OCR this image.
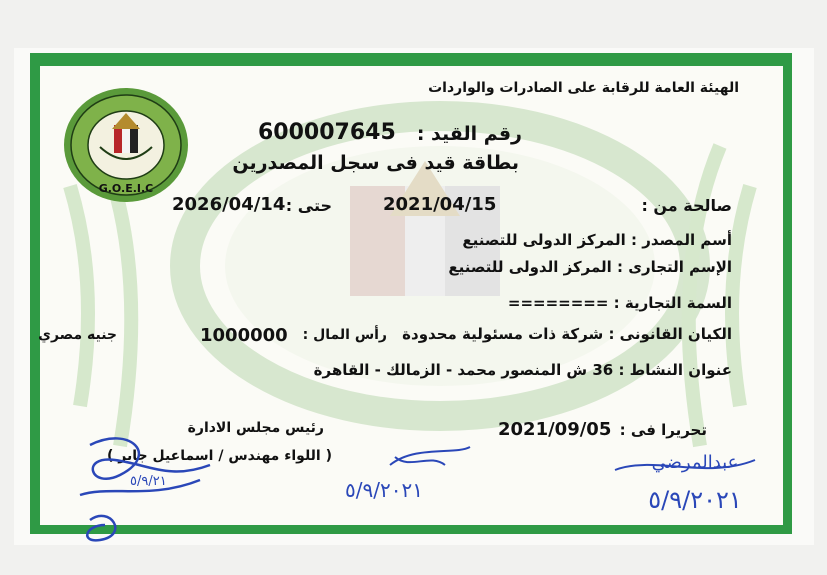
G.O.E.I.C
الهيئة العامة للرقابة على الصادرات والواردات
600007645 رقم القيد :
بطاقة قيد فى سجل المصدرين
صالحة من :
2021/04/15
حتى :
2026/04/14
أسم المصدر : المركز الدولى للتصنيع
الإسم التجارى : المركز الدولى للتصنيع
السمة التجارية : ========
الكيان القانونى : شركة ذات مسئولية محدودة
رأس المال :
1000000
جنيه مصري
عنوان النشاط : 36 ش المنصور محمد - الزمالك - القاهرة
تحريرا فى :
2021/09/05
رئيس مجلس الادارة
( اللواء مهندس / اسماعيل جابر )
٥/٩/٢١	٥/٩/٢٠٢١
عبدالمرضي
٥/٩/٢٠٢١
